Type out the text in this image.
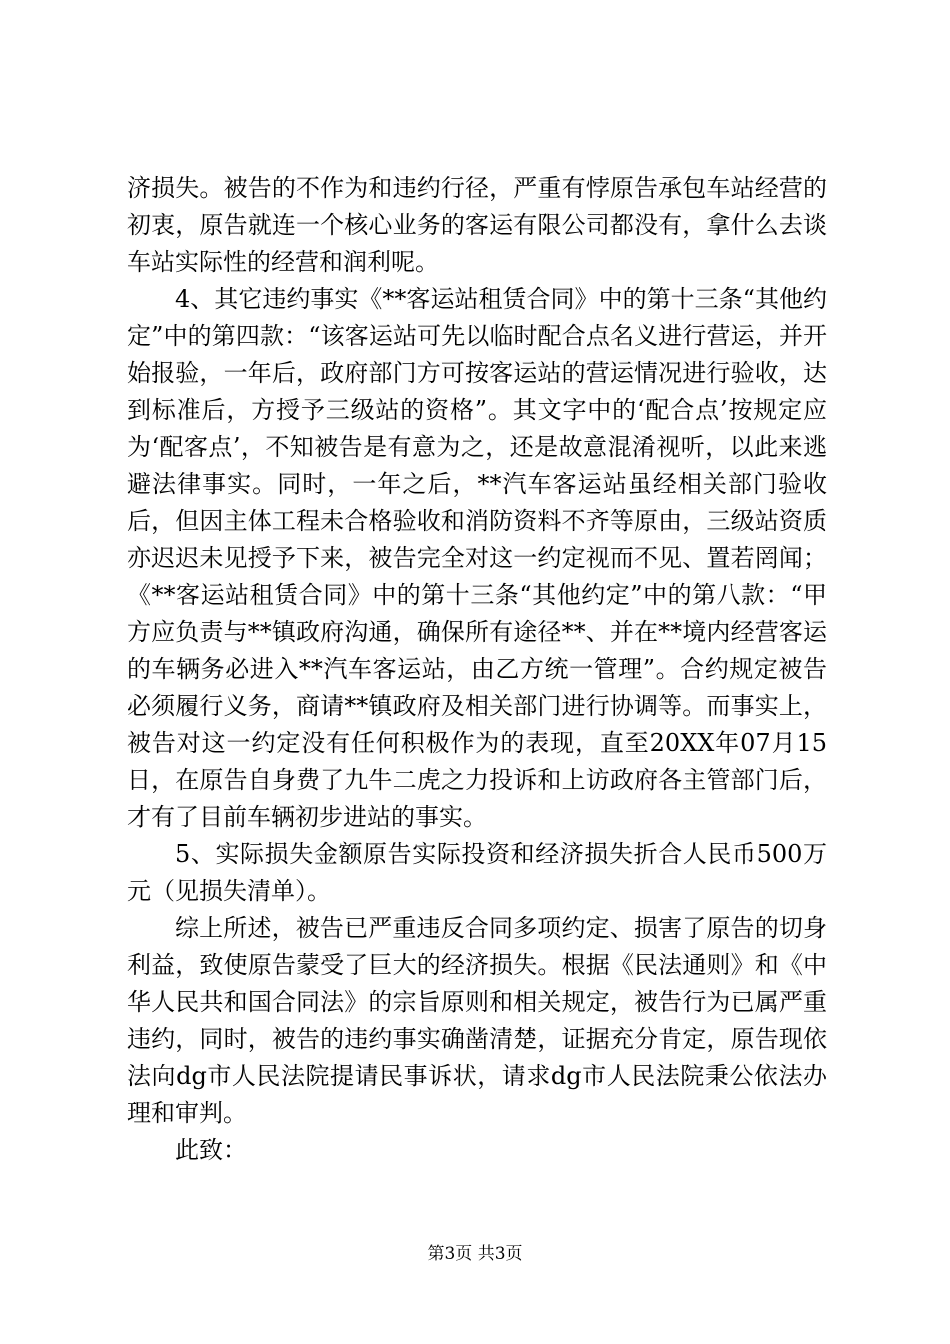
济损失。被告的不作为和违约行径，严重有悖原告承包车站经营的初衷，原告就连一个核心业务的客运有限公司都没有，拿什么去谈车站实际性的经营和润利呢。

4、其它违约事实《**客运站租赁合同》中的第十三条“其他约定”中的第四款：“该客运站可先以临时配合点名义进行营运，并开始报验，一年后，政府部门方可按客运站的营运情况进行验收，达到标准后，方授予三级站的资格”。其文字中的‘配合点’按规定应为‘配客点’，不知被告是有意为之，还是故意混淆视听，以此来逃避法律事实。同时，一年之后，**汽车客运站虽经相关部门验收后，但因主体工程未合格验收和消防资料不齐等原由，三级站资质亦迟迟未见授予下来，被告完全对这一约定视而不见、置若罔闻；《**客运站租赁合同》中的第十三条“其他约定”中的第八款：“甲方应负责与**镇政府沟通，确保所有途径**、并在**境内经营客运的车辆务必进入**汽车客运站，由乙方统一管理”。合约规定被告必须履行义务，商请**镇政府及相关部门进行协调等。而事实上，被告对这一约定没有任何积极作为的表现，直至20XX年07月15日，在原告自身费了九牛二虎之力投诉和上访政府各主管部门后，才有了目前车辆初步进站的事实。

5、实际损失金额原告实际投资和经济损失折合人民币500万元（见损失清单）。

综上所述，被告已严重违反合同多项约定、损害了原告的切身利益，致使原告蒙受了巨大的经济损失。根据《民法通则》和《中华人民共和国合同法》的宗旨原则和相关规定，被告行为已属严重违约，同时，被告的违约事实确凿清楚，证据充分肯定，原告现依法向dg市人民法院提请民事诉状，请求dg市人民法院秉公依法办理和审判。

此致：

第3页 共3页
